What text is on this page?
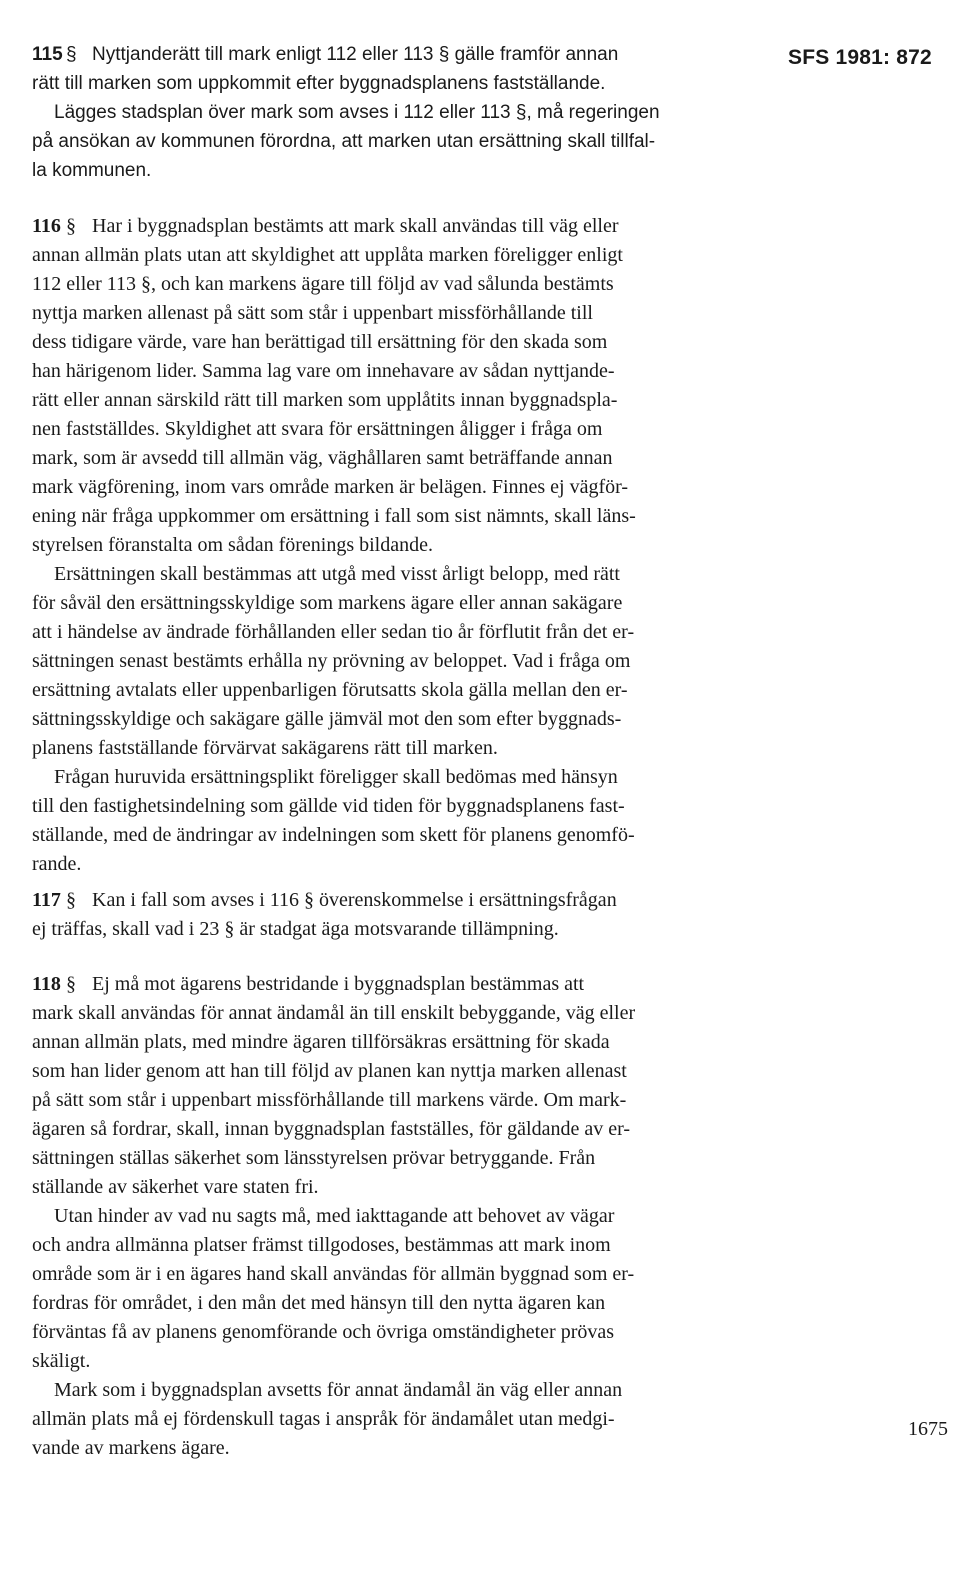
SFS 1981: 872
1675
115 § Nyttjanderätt till mark enligt 112 eller 113 § gälle framför annan
rätt till marken som uppkommit efter byggnadsplanens fastställande.
Lägges stadsplan över mark som avses i 112 eller 113 §, må regeringen
på ansökan av kommunen förordna, att marken utan ersättning skall tillfal-
la kommunen.
116 § Har i byggnadsplan bestämts att mark skall användas till väg eller
annan allmän plats utan att skyldighet att upplåta marken föreligger enligt
112 eller 113 §, och kan markens ägare till följd av vad sålunda bestämts
nyttja marken allenast på sätt som står i uppenbart missförhållande till
dess tidigare värde, vare han berättigad till ersättning för den skada som
han härigenom lider. Samma lag vare om innehavare av sådan nyttjande-
rätt eller annan särskild rätt till marken som upplåtits innan byggnadspla-
nen fastställdes. Skyldighet att svara för ersättningen åligger i fråga om
mark, som är avsedd till allmän väg, väghållaren samt beträffande annan
mark vägförening, inom vars område marken är belägen. Finnes ej vägför-
ening när fråga uppkommer om ersättning i fall som sist nämnts, skall läns-
styrelsen föranstalta om sådan förenings bildande.
Ersättningen skall bestämmas att utgå med visst årligt belopp, med rätt
för såväl den ersättningsskyldige som markens ägare eller annan sakägare
att i händelse av ändrade förhållanden eller sedan tio år förflutit från det er-
sättningen senast bestämts erhålla ny prövning av beloppet. Vad i fråga om
ersättning avtalats eller uppenbarligen förutsatts skola gälla mellan den er-
sättningsskyldige och sakägare gälle jämväl mot den som efter byggnads-
planens fastställande förvärvat sakägarens rätt till marken.
Frågan huruvida ersättningsplikt föreligger skall bedömas med hänsyn
till den fastighetsindelning som gällde vid tiden för byggnadsplanens fast-
ställande, med de ändringar av indelningen som skett för planens genomfö-
rande.
117 § Kan i fall som avses i 116 § överenskommelse i ersättningsfrågan
ej träffas, skall vad i 23 § är stadgat äga motsvarande tillämpning.
118 § Ej må mot ägarens bestridande i byggnadsplan bestämmas att
mark skall användas för annat ändamål än till enskilt bebyggande, väg eller
annan allmän plats, med mindre ägaren tillförsäkras ersättning för skada
som han lider genom att han till följd av planen kan nyttja marken allenast
på sätt som står i uppenbart missförhållande till markens värde. Om mark-
ägaren så fordrar, skall, innan byggnadsplan fastställes, för gäldande av er-
sättningen ställas säkerhet som länsstyrelsen prövar betryggande. Från
ställande av säkerhet vare staten fri.
Utan hinder av vad nu sagts må, med iakttagande att behovet av vägar
och andra allmänna platser främst tillgodoses, bestämmas att mark inom
område som är i en ägares hand skall användas för allmän byggnad som er-
fordras för området, i den mån det med hänsyn till den nytta ägaren kan
förväntas få av planens genomförande och övriga omständigheter prövas
skäligt.
Mark som i byggnadsplan avsetts för annat ändamål än väg eller annan
allmän plats må ej fördenskull tagas i anspråk för ändamålet utan medgi-
vande av markens ägare.
